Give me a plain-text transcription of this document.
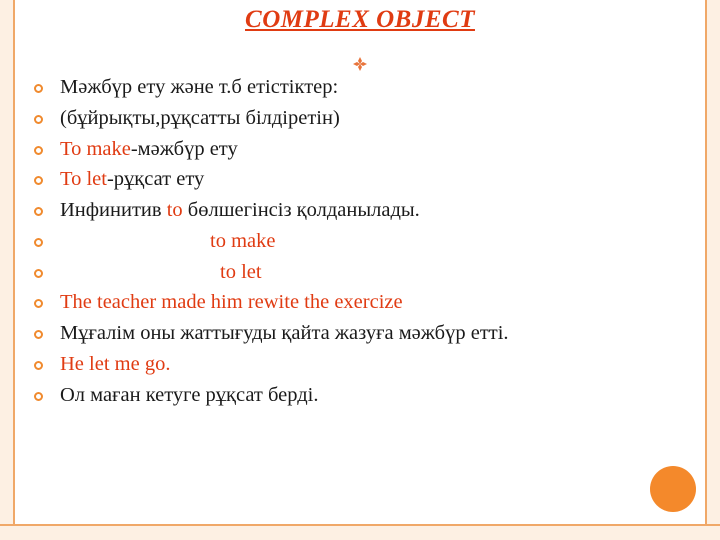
COMPLEX OBJECT
Мәжбүр ету және т.б етістіктер:
(бұйрықты,рұқсатты білдіретін)
To make-мәжбүр ету
To let-рұқсат ету
Инфинитив to бөлшегінсіз қолданылады.
to make
to let
The teacher made him rewite the exercize
Мұғалім оны жаттығуды қайта жазуға мәжбүр етті.
He let me go.
Ол маған кетуге рұқсат берді.
